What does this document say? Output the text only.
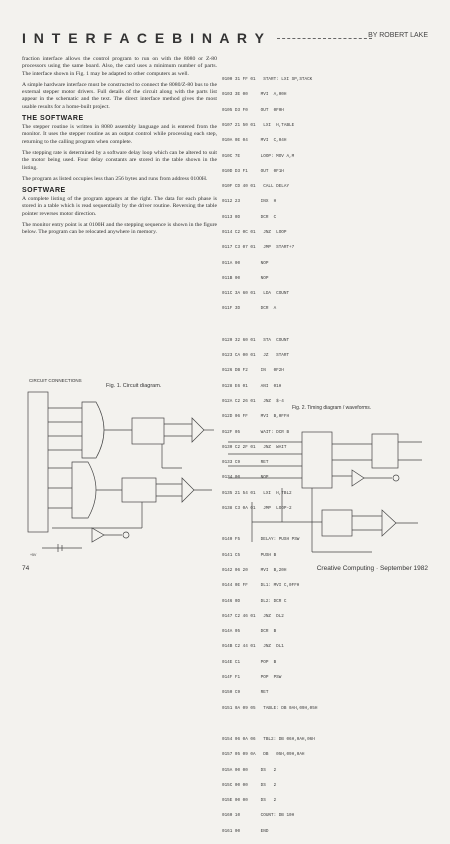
I N T E R F A C E B I N A R Y	BY ROBERT LAKE

fraction interface allows the control program to run on with the 8080 or Z-80 processors using the same board. Also, the card uses a minimum number of parts. The interface shown in Fig. 1 may be adapted to other computers as well.

A simple hardware interface must be constructed to connect the 8080/Z-80 bus to the external stepper motor drivers. Full details of the circuit along with the parts list appear in the schematic and the text. The direct interface method gives the most usable results for a home-built project.

THE SOFTWARE

The stepper routine is written in 8080 assembly language and is entered from the monitor. It uses the stepper routine as an output control while processing each step, returning to the calling program when complete.

The stepping rate is determined by a software delay loop which can be altered to suit the motor being used. Four delay constants are stored in the table shown in the listing.

The program as listed occupies less than 256 bytes and runs from address 0100H.

SOFTWARE

A complete listing of the program appears at the right. The data for each phase is stored in a table which is read sequentially by the driver routine. Reversing the table pointer reverses motor direction.

The monitor entry point is at 0100H and the stepping sequence is shown in the figure below. The program can be relocated anywhere in memory.

0100 31 FF 01   START: LXI SP,STACK

0103 3E 00     MVI  A,00H

0105 D3 F0     OUT  0F0H

0107 21 50 01   LXI  H,TABLE

010A 0E 04     MVI  C,04H

010C 7E        LOOP: MOV A,M

010D D3 F1     OUT  0F1H

010F CD 40 01   CALL DELAY

0112 23        INX  H

0113 0D        DCR  C

0114 C2 0C 01   JNZ  LOOP

0117 C3 07 01   JMP  START+7

011A 00        NOP

011B 00        NOP

011C 3A 60 01   LDA  COUNT

011F 3D        DCR  A

0120 32 60 01   STA  COUNT

0123 CA 00 01   JZ   START

0126 DB F2     IN   0F2H

0128 E6 01     ANI  01H

012A C2 26 01   JNZ  $-4

012D 06 FF     MVI  B,0FFH

012F 05        WAIT: DCR B

0130 C2 2F 01   JNZ  WAIT

0133 C9        RET

0134 00        NOP

0135 21 54 01   LXI  H,TBL2

0138 C3 0A 01   JMP  LOOP-2

0140 F5        DELAY: PUSH PSW

0141 C5        PUSH B

0142 06 20     MVI  B,20H

0144 0E FF     DL1: MVI C,0FFH

0146 0D        DL2: DCR C

0147 C2 46 01   JNZ  DL2

014A 05        DCR  B

014B C2 44 01   JNZ  DL1

014E C1        POP  B

014F F1        POP  PSW

0150 C9        RET

0151 0A 09 05   TABLE: DB 0AH,09H,05H

0154 06 0A 06   TBL2: DB 06H,0AH,06H

0157 05 09 0A   DB   05H,09H,0AH

015A 00 00     DS   2

015C 00 00     DS   2

015E 00 00     DS   2

0160 10        COUNT: DB 10H

0161 00        END

CIRCUIT CONNECTIONS
Fig. 1. Circuit diagram.
+5V
Fig. 2. Timing diagram / waveforms.
74	Creative Computing · September 1982
